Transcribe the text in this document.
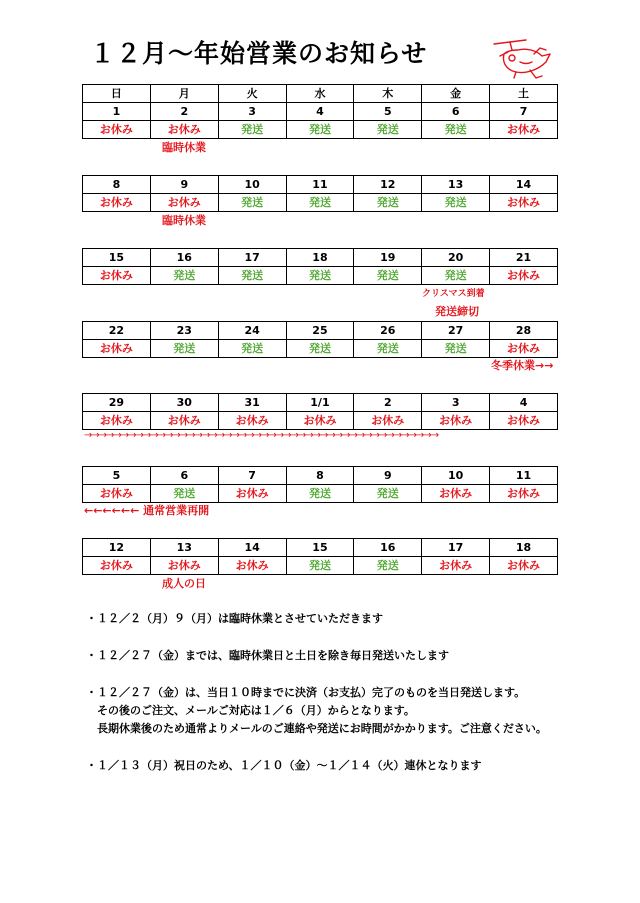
１２月～年始営業のお知らせ
日	月	火	水	木	金	土
1	2	3	4	5	6	7
お休み	お休み	発送	発送	発送	発送	お休み
8	9	10	11	12	13	14
お休み	お休み	発送	発送	発送	発送	お休み
15	16	17	18	19	20	21
お休み	発送	発送	発送	発送	発送	お休み
22	23	24	25	26	27	28
お休み	発送	発送	発送	発送	発送	お休み
29	30	31	1/1	2	3	4
お休み	お休み	お休み	お休み	お休み	お休み	お休み
5	6	7	8	9	10	11
お休み	発送	お休み	発送	発送	お休み	お休み
12	13	14	15	16	17	18
お休み	お休み	お休み	発送	発送	お休み	お休み
臨時休業
臨時休業
クリスマス到着
発送締切
冬季休業→→
→→→→→→→→→→→→→→→→→→→→→→→→→→→→→→→→→→→→→→→→→→→→→→→→
←←←←←← 通常営業再開
成人の日
・１２／２（月）９（月）は臨時休業とさせていただきます
・１２／２７（金）までは、臨時休業日と土日を除き毎日発送いたします
・１２／２７（金）は、当日１０時までに決済（お支払）完了のものを当日発送します。
　その後のご注文、メールご対応は１／６（月）からとなります。
　長期休業後のため通常よりメールのご連絡や発送にお時間がかかります。ご注意ください。
・１／１３（月）祝日のため、１／１０（金）～１／１４（火）連休となります
